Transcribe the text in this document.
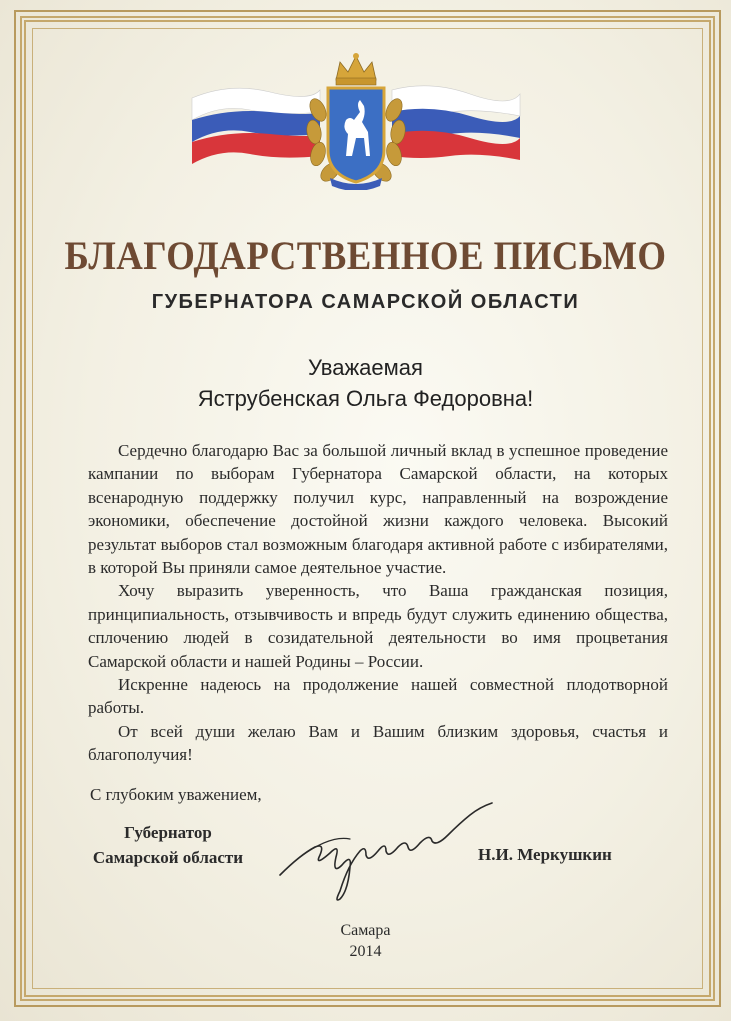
БЛАГОДАРСТВЕННОЕ ПИСЬМО
ГУБЕРНАТОРА САМАРСКОЙ ОБЛАСТИ
Уважаемая
Яструбенская Ольга Федоровна!

Сердечно благодарю Вас за большой личный вклад в успешное проведение кампании по выборам Губернатора Самарской области, на которых всенародную поддержку получил курс, направленный на возрождение экономики, обеспечение достойной жизни каждого человека. Высокий результат выборов стал возможным благодаря активной работе с избирателями, в которой Вы приняли самое деятельное участие.

Хочу выразить уверенность, что Ваша гражданская позиция, принципиальность, отзывчивость и впредь будут служить единению общества, сплочению людей в созидательной деятельности во имя процветания Самарской области и нашей Родины – России.

Искренне надеюсь на продолжение нашей совместной плодотворной работы.

От всей души желаю Вам и Вашим близким здоровья, счастья и благополучия!

С глубоким уважением,
Губернатор
Самарской области	Н.И. Меркушкин
Самара
2014
